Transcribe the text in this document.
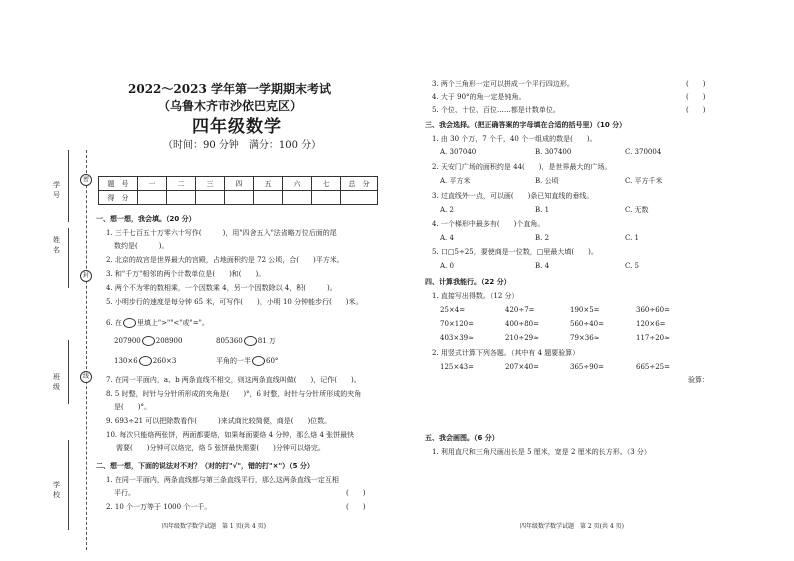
学号
姓名
班级
学校
密
封
线
2022～2023 学年第一学期期末考试
（乌鲁木齐市沙依巴克区）
四年级数学
（时间：90 分钟　满分：100 分）
题　号	一	二	三	四	五	六	七	总　分
得　分								
一、想一想，我会填。（20 分）
1. 三千七百五十万零六十写作(　　　)，用"四舍五入"法省略万位后面的尾
数约是(　　　)。
2. 北京的故宫是世界最大的宫殿，占地面积约是 72 公顷，合(　　)平方米。
3. 和"千万"相邻的两个计数单位是(　　)和(　　)。
4. 两个不为零的数相乘，一个因数乘 4，另一个因数除以 4，积(　　　)。
5. 小明步行的速度是每分钟 65 米，可写作(　　)，小明 10 分钟能步行(　　)米。
6. 在 里填上">""<"或"="。
207900 208900	805360 81 万
130×6 260×3	平角的一半 60°
7. 在同一平面内，a、b 两条直线不相交，则这两条直线叫做(　　)，记作(　　)。
8. 5 时整，时针与分针所形成的夹角是(　　)°，6 时整，时针与分针所形成的夹角
是(　　)°。
9. 693÷21 可以把除数看作(　　　)来试商比较简便，商是(　　)位数。
10. 每次只能烙两张饼，两面都要烙，如果每面要烙 4 分钟，那么烙 4 张饼最快
需要(　　)分钟可以烙完，烙 5 张饼最快需要(　　)分钟可以烙完。
二、想一想，下面的说法对不对？（对的打"√"，错的打"×"）（5 分）
1. 在同一平面内，两条直线都与第三条直线平行，那么这两条直线一定互相
平行。	(　　)
2. 10 个一万等于 1000 个一千。	(　　)
四年级数学数学试题　第 1 页(共 4 页)
3. 两个三角形一定可以拼成一个平行四边形。	(　　)
4. 大于 90°的角一定是钝角。	(　　)
5. 个位、十位、百位……都是计数单位。	(　　)
三、我会选择。（把正确答案的字母填在合适的括号里）（10 分）
1. 由 30 个万，7 个千，40 个一组成的数是(　　)。
A. 307040	B. 307400	C. 370004
2. 天安门广场的面积约是 44(　　)，是世界最大的广场。
A. 平方米	B. 公顷	C. 平方千米
3. 过直线外一点，可以画(　　)条已知直线的垂线。
A. 2	B. 1	C. 无数
4. 一个梯形中最多有(　　)个直角。
A. 4	B. 2	C. 1
5. 口□5÷25，要使商是一位数，□里最大填(　　)。
A. 0	B. 4	C. 5
四、计算我能行。（22 分）
1. 直接写出得数。（12 分）
25×4=	420÷7=	190×5=	360÷60=
70×120=	400÷80=	560÷40=	120×6=
403×39≈	210÷29≈	79×36≈	117÷20≈
2. 用竖式计算下列各题。（其中有 4 题要验算）
125×43=	207×40=	365÷90=	665÷25=
验算：
五、我会画图。（6 分）
1. 利用直尺和三角尺画出长是 5 厘米，宽是 2 厘米的长方形。（3 分）
四年级数学数学试题　第 2 页(共 4 页)
